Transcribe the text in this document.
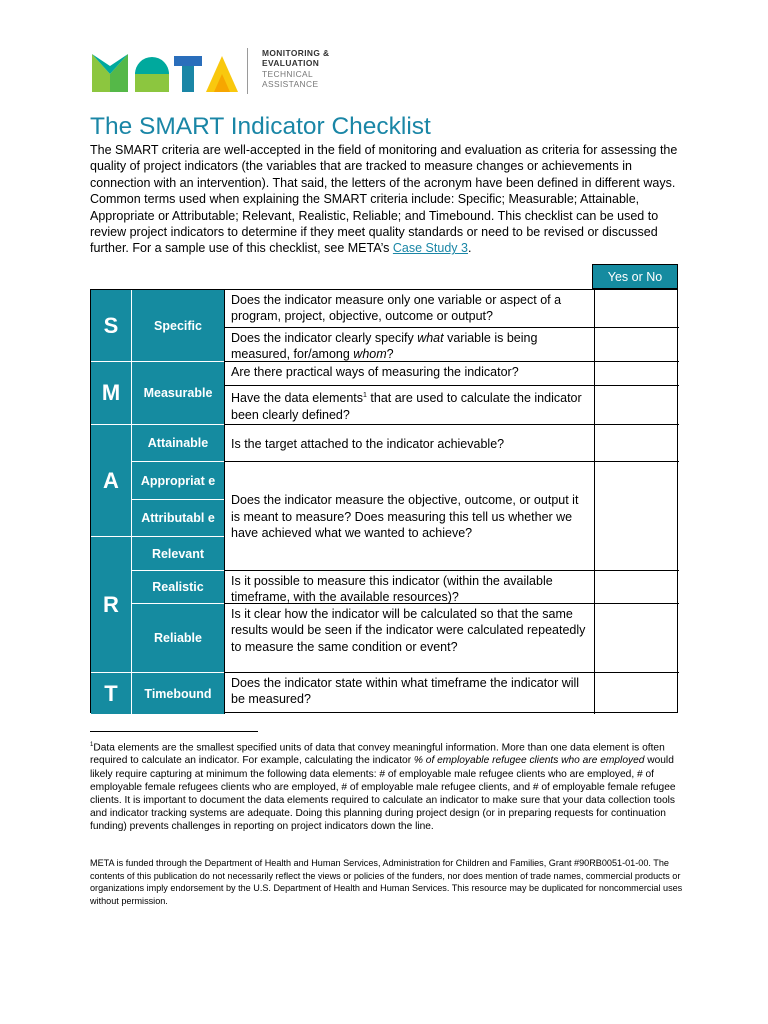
MONITORING &
EVALUATION
TECHNICAL
ASSISTANCE
The SMART Indicator Checklist

The SMART criteria are well-accepted in the field of monitoring and evaluation as criteria for assessing the quality of project indicators (the variables that are tracked to measure changes or achievements in connection with an intervention). That said, the letters of the acronym have been defined in different ways. Common terms used when explaining the SMART criteria include: Specific; Measurable; Attainable, Appropriate or Attributable; Relevant, Realistic, Reliable; and Timebound. This checklist can be used to review project indicators to determine if they meet quality standards or need to be revised or discussed further. For a sample use of this checklist, see META’s Case Study 3.

Yes or No
S
M
A
R
T
Specific
Measurable
Attainable
Appropriat e
Attributabl e
Relevant
Realistic
Reliable
Timebound
Does the indicator measure only one variable or aspect of a program, project, objective, outcome or output?
Does the indicator clearly specify what variable is being measured, for/among whom?
Are there practical ways of measuring the indicator?
Have the data elements$^1$ that are used to calculate the indicator been clearly defined?
Is the target attached to the indicator achievable?
Does the indicator measure the objective, outcome, or output it is meant to measure? Does measuring this tell us whether we have achieved what we wanted to achieve?
Is it possible to measure this indicator (within the available timeframe, with the available resources)?
Is it clear how the indicator will be calculated so that the same results would be seen if the indicator were calculated repeatedly to measure the same condition or event?
Does the indicator state within what timeframe the indicator will be measured?

$^1$Data elements are the smallest specified units of data that convey meaningful information. More than one data element is often required to calculate an indicator. For example, calculating the indicator % of employable refugee clients who are employed would likely require capturing at minimum the following data elements: # of employable male refugee clients who are employed, # of employable female refugees clients who are employed, # of employable male refugee clients, and # of employable female refugee clients. It is important to document the data elements required to calculate an indicator to make sure that your data collection tools and indicator tracking systems are adequate. Doing this planning during project design (or in preparing requests for continuation funding) prevents challenges in reporting on project indicators down the line.

META is funded through the Department of Health and Human Services, Administration for Children and Families, Grant #90RB0051-01-00. The contents of this publication do not necessarily reflect the views or policies of the funders, nor does mention of trade names, commercial products or organizations imply endorsement by the U.S. Department of Health and Human Services. This resource may be duplicated for noncommercial uses without permission.
